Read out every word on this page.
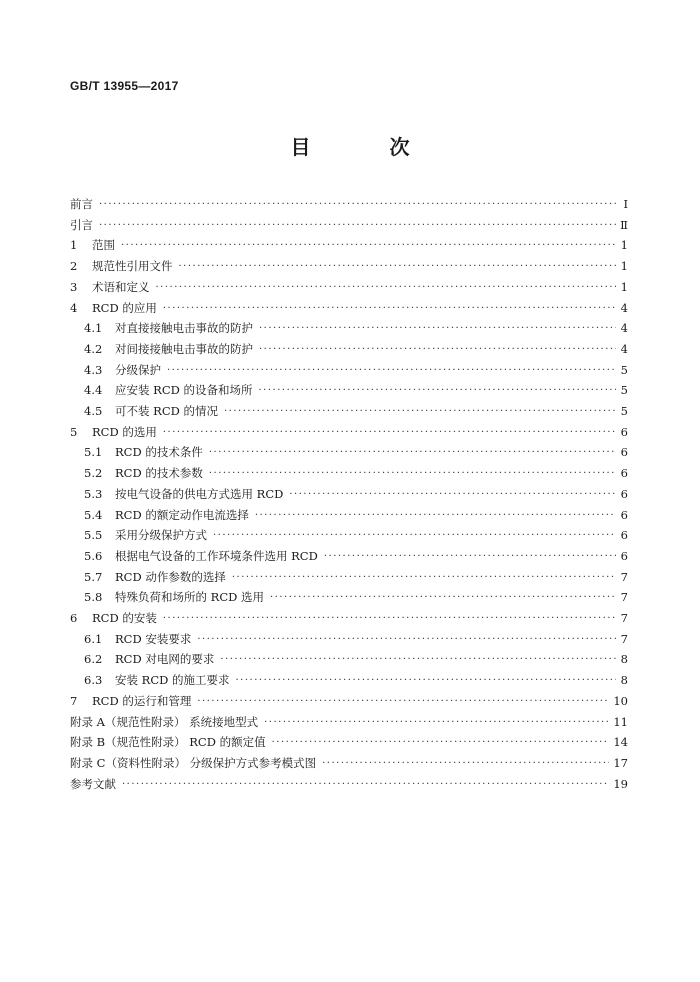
GB/T 13955—2017
目 次
前言 ·····	Ⅰ
引言 ·····	Ⅱ
1	范围 ·····	1
2	规范性引用文件 ·····	1
3	术语和定义 ·····	1
4	RCD 的应用 ·····	4
4.1	对直接接触电击事故的防护 ·····	4
4.2	对间接接触电击事故的防护 ·····	4
4.3	分级保护 ·····	5
4.4	应安装 RCD 的设备和场所 ·····	5
4.5	可不装 RCD 的情况 ·····	5
5	RCD 的选用 ·····	6
5.1	RCD 的技术条件 ·····	6
5.2	RCD 的技术参数 ·····	6
5.3	按电气设备的供电方式选用 RCD ·····	6
5.4	RCD 的额定动作电流选择 ·····	6
5.5	采用分级保护方式 ·····	6
5.6	根据电气设备的工作环境条件选用 RCD ·····	6
5.7	RCD 动作参数的选择 ·····	7
5.8	特殊负荷和场所的 RCD 选用 ·····	7
6	RCD 的安装 ·····	7
6.1	RCD 安装要求 ·····	7
6.2	RCD 对电网的要求 ·····	8
6.3	安装 RCD 的施工要求 ·····	8
7	RCD 的运行和管理 ·····	10
附录 A（规范性附录） 系统接地型式 ·····	11
附录 B（规范性附录） RCD 的额定值 ·····	14
附录 C（资料性附录） 分级保护方式参考模式图 ·····	17
参考文献 ·····	19
